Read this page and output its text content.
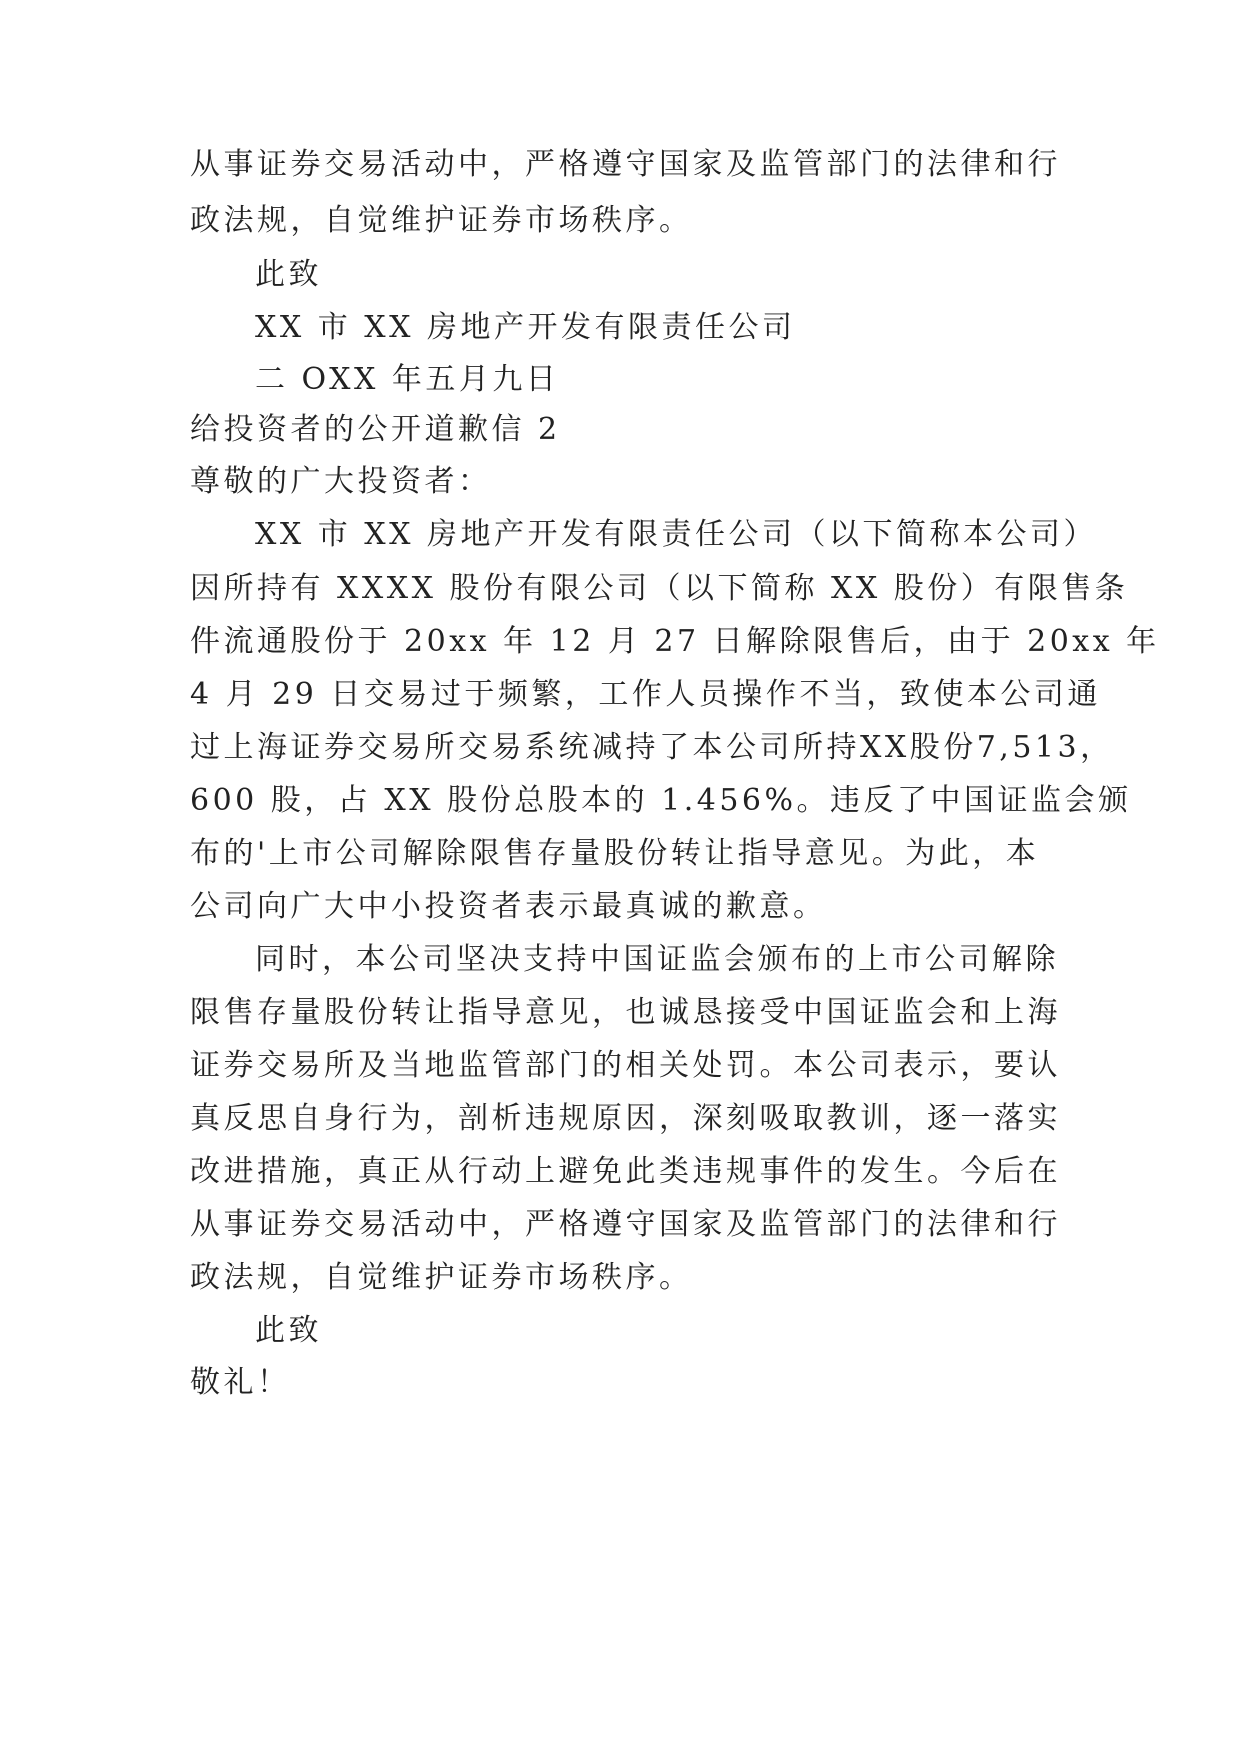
从事证券交易活动中，严格遵守国家及监管部门的法律和行
政法规，自觉维护证券市场秩序。
此致
XX 市 XX 房地产开发有限责任公司
二 OXX 年五月九日
给投资者的公开道歉信 2
尊敬的广大投资者：
XX 市 XX 房地产开发有限责任公司（以下简称本公司）
因所持有 XXXX 股份有限公司（以下简称 XX 股份）有限售条
件流通股份于 20xx 年 12 月 27 日解除限售后，由于 20xx 年
4 月 29 日交易过于频繁，工作人员操作不当，致使本公司通
过上海证券交易所交易系统减持了本公司所持XX股份7,513，
600 股，占 XX 股份总股本的 1.456%。违反了中国证监会颁
布的'上市公司解除限售存量股份转让指导意见。为此，本
公司向广大中小投资者表示最真诚的歉意。
同时，本公司坚决支持中国证监会颁布的上市公司解除
限售存量股份转让指导意见，也诚恳接受中国证监会和上海
证券交易所及当地监管部门的相关处罚。本公司表示，要认
真反思自身行为，剖析违规原因，深刻吸取教训，逐一落实
改进措施，真正从行动上避免此类违规事件的发生。今后在
从事证券交易活动中，严格遵守国家及监管部门的法律和行
政法规，自觉维护证券市场秩序。
此致
敬礼！
